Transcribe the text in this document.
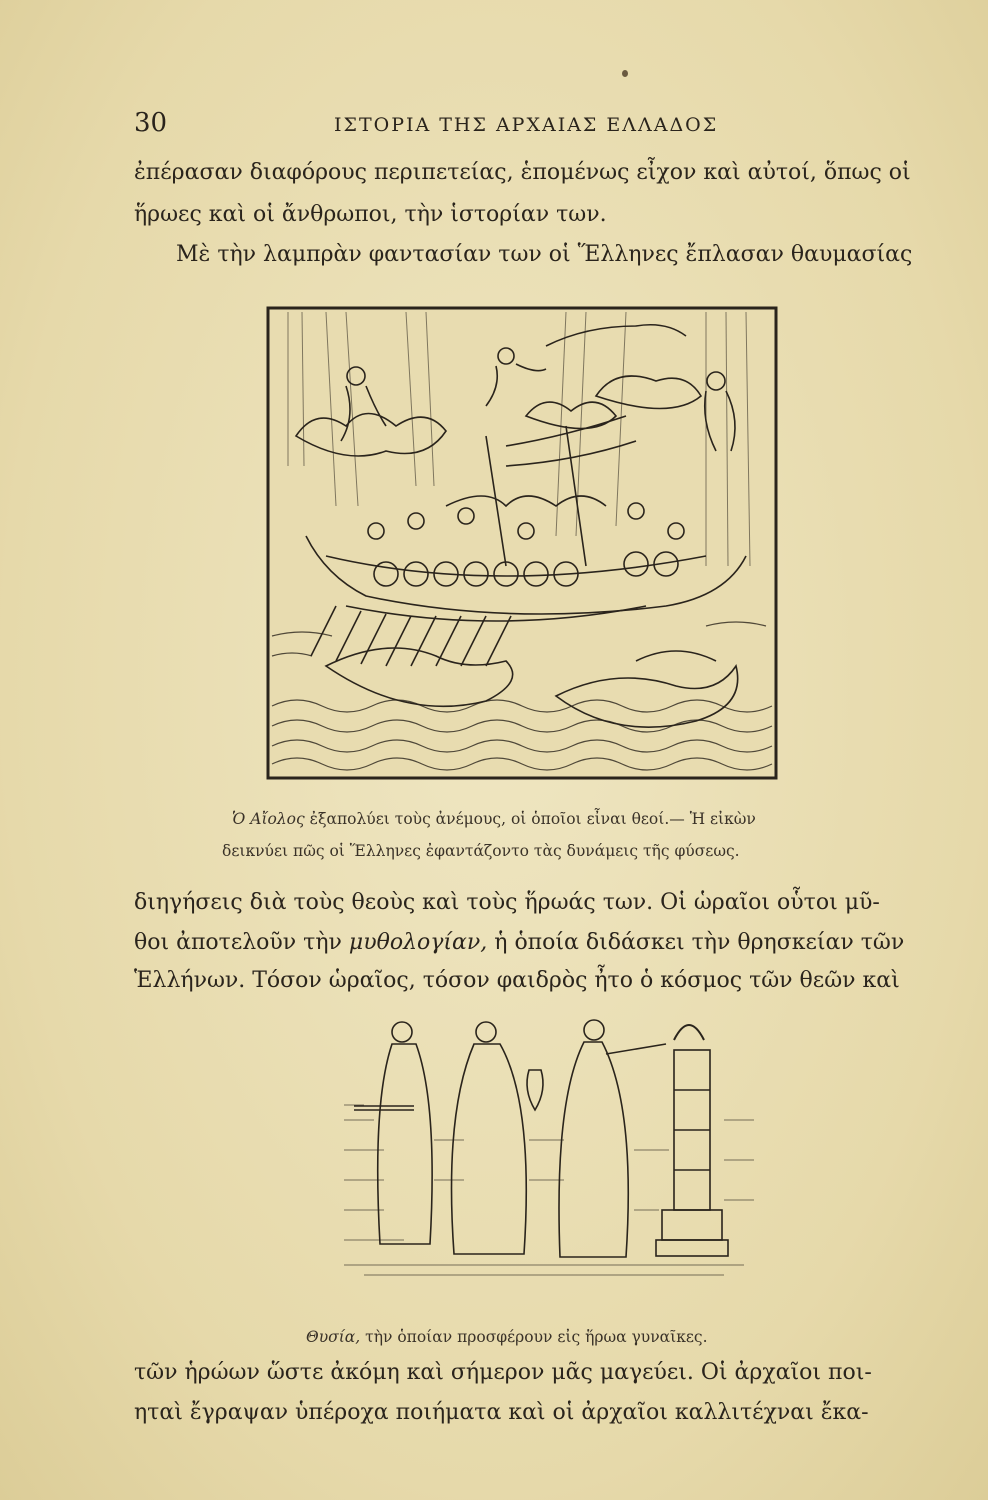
30	ΙΣΤΟΡΙΑ ΤΗΣ ΑΡΧΑΙΑΣ ΕΛΛΑΔΟΣ
ἐπέρασαν διαφόρους περιπετείας, ἑπομένως εἶχον καὶ αὐτοί, ὅπως οἱ
ἥρωες καὶ οἱ ἄνθρωποι, τὴν ἱστορίαν των.
Μὲ τὴν λαμπρὰν φαντασίαν των οἱ Ἕλληνες ἔπλασαν θαυμασίας
Ὁ Αἴολος ἐξαπολύει τοὺς ἀνέμους, οἱ ὁποῖοι εἶναι θεοί.— Ἡ εἰκὼν
δεικνύει πῶς οἱ Ἕλληνες ἐφαντάζοντο τὰς δυνάμεις τῆς φύσεως.
διηγήσεις διὰ τοὺς θεοὺς καὶ τοὺς ἥρωάς των. Οἱ ὡραῖοι οὗτοι μῦ-
θοι ἀποτελοῦν τὴν μυθολογίαν, ἡ ὁποία διδάσκει τὴν θρησκείαν τῶν
Ἑλλήνων. Τόσον ὡραῖος, τόσον φαιδρὸς ἦτο ὁ κόσμος τῶν θεῶν καὶ
Θυσία, τὴν ὁποίαν προσφέρουν εἰς ἥρωα γυναῖκες.
τῶν ἡρώων ὥστε ἀκόμη καὶ σήμερον μᾶς μαγεύει. Οἱ ἀρχαῖοι ποι-
ηταὶ ἔγραψαν ὑπέροχα ποιήματα καὶ οἱ ἀρχαῖοι καλλιτέχναι ἔκα-
